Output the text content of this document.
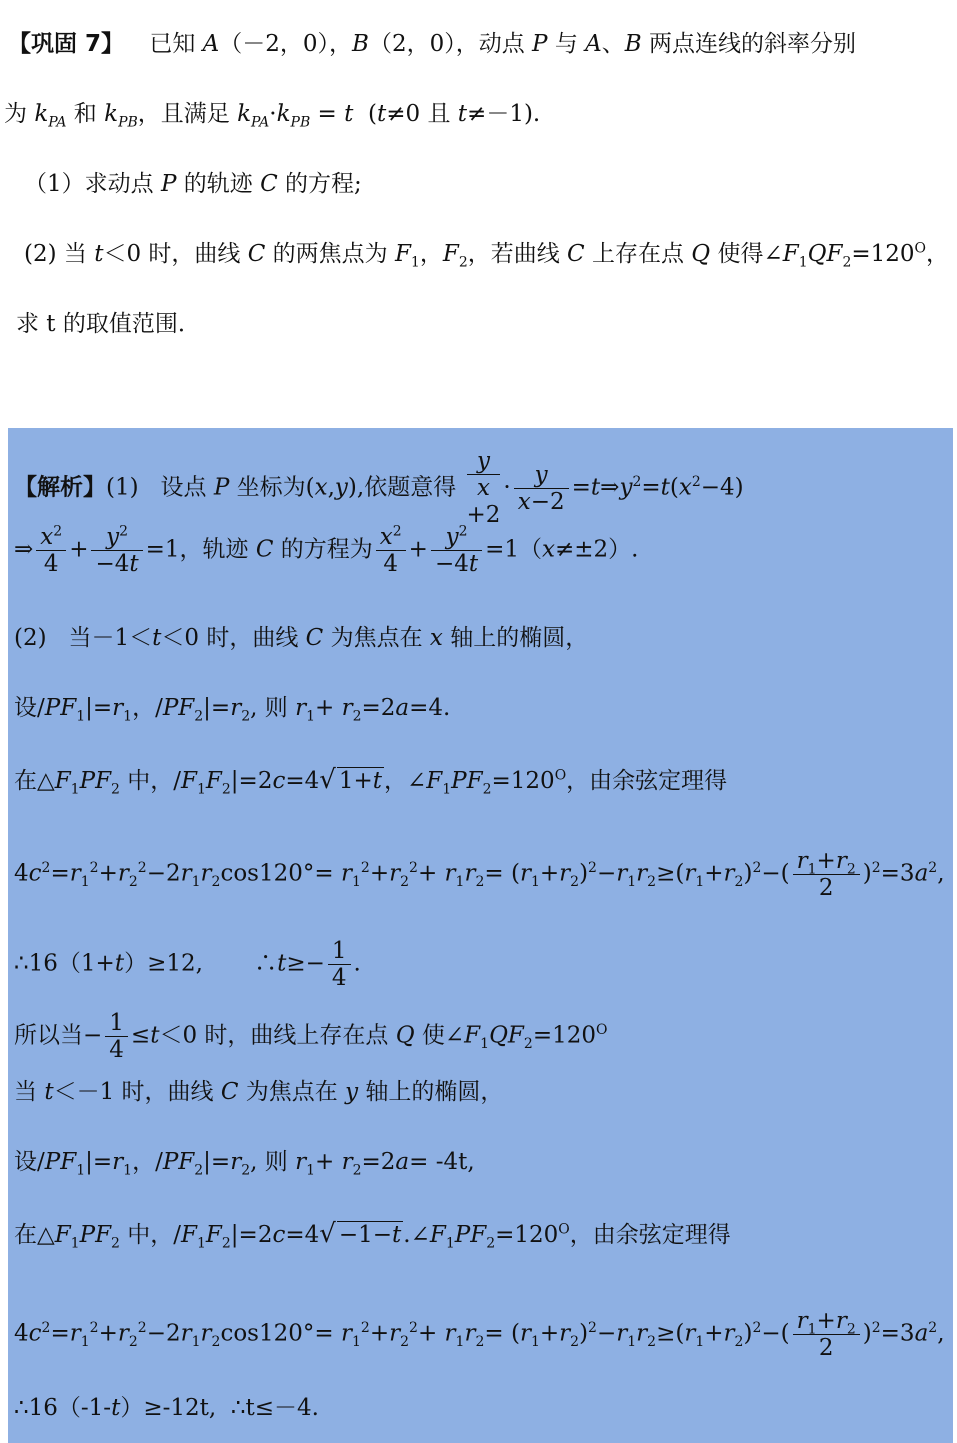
【巩固 7】 已知 A（－2，0），B（2，0），动点 P 与 A、B 两点连线的斜率分别
为 $k_{PA}$ 和 $k_{PB}$，且满足 $k_{PA}\cdot k_{PB} = t$  (t≠0 且 t≠－1).
（1）求动点 P 的轨迹 C 的方程;
(2) 当 t＜0 时，曲线 C 的两焦点为 $F_1$，$F_2$，若曲线 C 上存在点 Q 使得$\angle F_1QF_2=120^O$，
求 t 的取值范围．
【解析】(1)   设点 P 坐标为(x,y),依题意得
y
x
$+2\cdot \frac{y}{x-2}$ $=t\Rightarrow y^2=t(x^2-4)$
⇒ $\frac{x^2}{4} + \frac{y^2}{-4t} =1$，轨迹 C 的方程为 $\frac{x^2}{4} + \frac{y^2}{-4t} =1(x\ne\pm 2)$.
(2)   当－1＜t＜0 时，曲线 C 为焦点在 x 轴上的椭圆，
设$/PF_1|=r_1$，$/PF_2|=r_2$, 则 $r_1+ r_2=2a=4$.
在$\triangle F_1PF_2$ 中，$/F_1F_2|=2c=4√$ 1+t，$\angle F_1PF_2=120^O$，由余弦定理得
$4c^2=r_1^2+r_2^2-2r_1r_2\cos 120^\circ= r_1^2+r_2^2+ r_1r_2= (r_1+r_2)^2-r_1r_2\ge(r_1+r_2)^2-( \frac{r_1+r_2}{2} )^2=3a^2$,
∴16（1+t）≥12,       ∴t≥− $\frac{1}{4}$ .
所以当− $\frac{1}{4} \le t<0$ 时，曲线上存在点 Q 使$\angle F_1QF_2=120^O$
当 t＜－1 时，曲线 C 为焦点在 y 轴上的椭圆，
设$/PF_1|=r_1$，$/PF_2|=r_2$, 则 $r_1+ r_2=2a= -4t$,
在$\triangle F_1PF_2$ 中，$/F_1F_2|=2c=4√$ $-1-t.\angle F_1PF_2=120^O$，由余弦定理得
$4c^2=r_1^2+r_2^2-2r_1r_2\cos 120^\circ= r_1^2+r_2^2+ r_1r_2= (r_1+r_2)^2-r_1r_2\ge(r_1+r_2)^2-( \frac{r_1+r_2}{2} )^2=3a^2$,
∴16（-1-t）≥-12t,  ∴t≤－4.
